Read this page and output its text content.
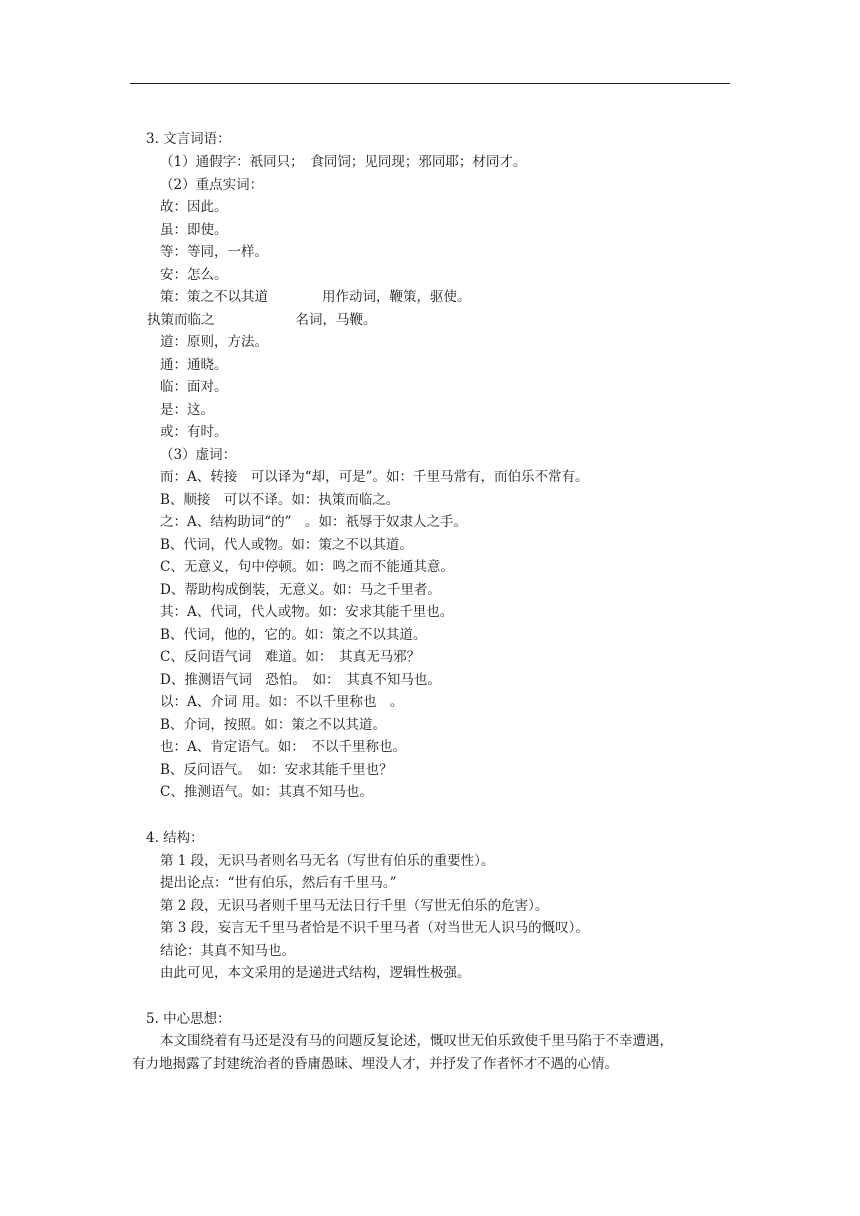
3. 文言词语：
（1）通假字：祇同只；　食同饲；见同现；邪同耶；材同才。
（2）重点实词：
故：因此。
虽：即使。
等：等同，一样。
安：怎么。
策：策之不以其道　　　　用作动词，鞭策，驱使。
执策而临之　　　　　　名词，马鞭。
道：原则，方法。
通：通晓。
临：面对。
是：这。
或：有时。
（3）虚词：
而：A、转接　可以译为“却，可是”。如：千里马常有，而伯乐不常有。
B、顺接　可以不译。如：执策而临之。
之：A、结构助词“的”　。如：祇辱于奴隶人之手。
B、代词，代人或物。如：策之不以其道。
C、无意义，句中停顿。如：鸣之而不能通其意。
D、帮助构成倒装，无意义。如：马之千里者。
其：A、代词，代人或物。如：安求其能千里也。
B、代词，他的，它的。如：策之不以其道。
C、反问语气词　难道。如：　其真无马邪？
D、推测语气词　恐怕。　如：　其真不知马也。
以：A、介词 用。如：不以千里称也　。
B、介词，按照。如：策之不以其道。
也：A、肯定语气。如：　不以千里称也。
B、反问语气。　如：安求其能千里也？
C、推测语气。如：其真不知马也。
4. 结构：
第 1 段，无识马者则名马无名（写世有伯乐的重要性）。
提出论点：“世有伯乐，然后有千里马。”
第 2 段，无识马者则千里马无法日行千里（写世无伯乐的危害）。
第 3 段，妄言无千里马者恰是不识千里马者（对当世无人识马的慨叹）。
结论：其真不知马也。
由此可见，本文采用的是递进式结构，逻辑性极强。
5. 中心思想：
本文围绕着有马还是没有马的问题反复论述，慨叹世无伯乐致使千里马陷于不幸遭遇，
有力地揭露了封建统治者的昏庸愚昧、埋没人才，并抒发了作者怀才不遇的心情。
